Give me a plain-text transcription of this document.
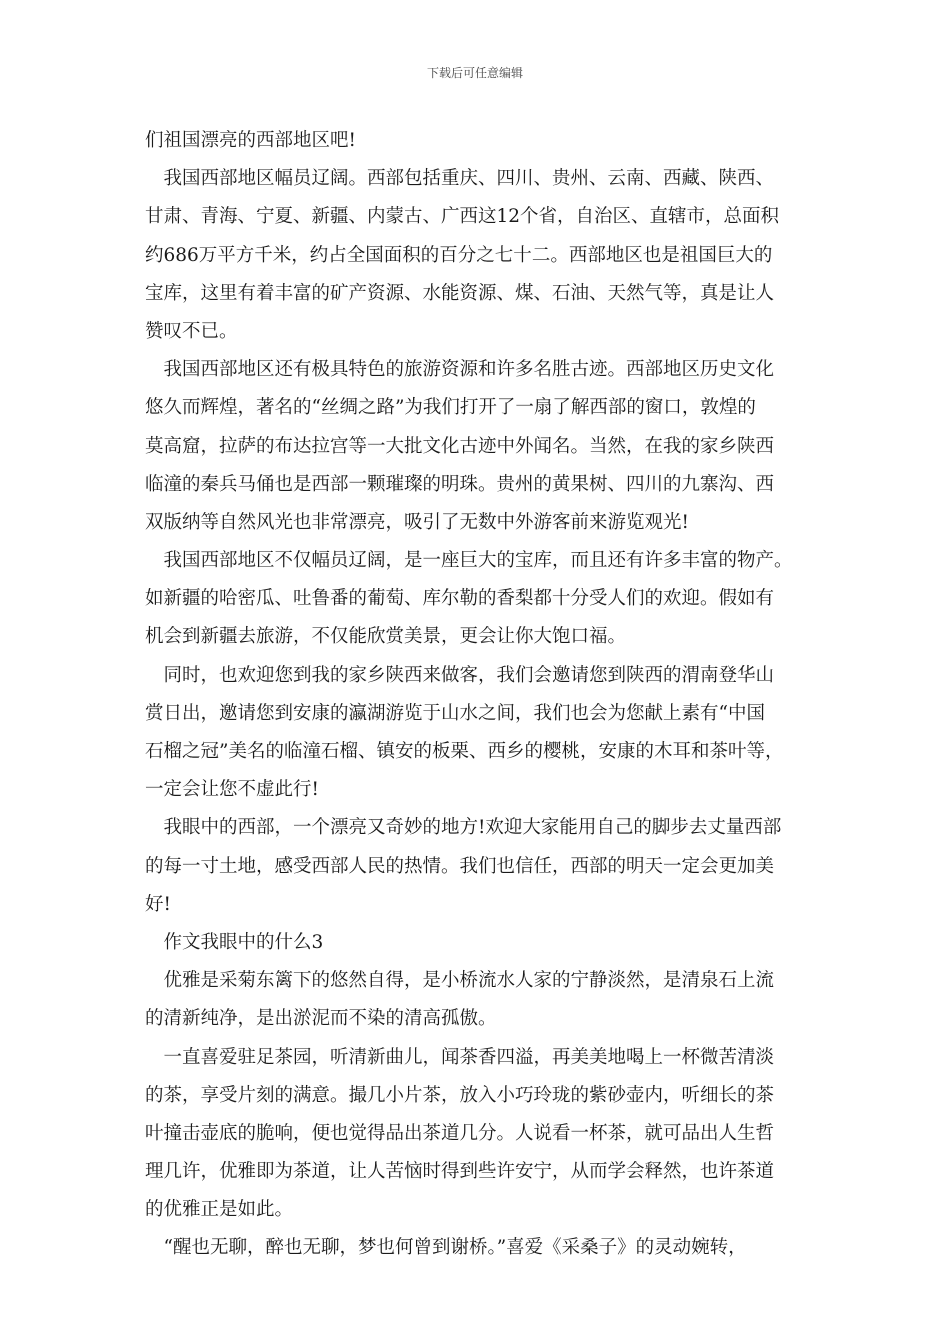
下载后可任意编辑
们祖国漂亮的西部地区吧!
　我国西部地区幅员辽阔。西部包括重庆、四川、贵州、云南、西藏、陕西、
甘肃、青海、宁夏、新疆、内蒙古、广西这12个省，自治区、直辖市，总面积
约686万平方千米，约占全国面积的百分之七十二。西部地区也是祖国巨大的
宝库，这里有着丰富的矿产资源、水能资源、煤、石油、天然气等，真是让人
赞叹不已。
　我国西部地区还有极具特色的旅游资源和许多名胜古迹。西部地区历史文化
悠久而辉煌，著名的“丝绸之路”为我们打开了一扇了解西部的窗口，敦煌的
莫高窟，拉萨的布达拉宫等一大批文化古迹中外闻名。当然，在我的家乡陕西
临潼的秦兵马俑也是西部一颗璀璨的明珠。贵州的黄果树、四川的九寨沟、西
双版纳等自然风光也非常漂亮，吸引了无数中外游客前来游览观光!
　我国西部地区不仅幅员辽阔，是一座巨大的宝库，而且还有许多丰富的物产。
如新疆的哈密瓜、吐鲁番的葡萄、库尔勒的香梨都十分受人们的欢迎。假如有
机会到新疆去旅游，不仅能欣赏美景，更会让你大饱口福。
　同时，也欢迎您到我的家乡陕西来做客，我们会邀请您到陕西的渭南登华山
赏日出，邀请您到安康的瀛湖游览于山水之间，我们也会为您献上素有“中国
石榴之冠”美名的临潼石榴、镇安的板栗、西乡的樱桃，安康的木耳和茶叶等，
一定会让您不虚此行!
　我眼中的西部，一个漂亮又奇妙的地方!欢迎大家能用自己的脚步去丈量西部
的每一寸土地，感受西部人民的热情。我们也信任，西部的明天一定会更加美
好!
　作文我眼中的什么3
　优雅是采菊东篱下的悠然自得，是小桥流水人家的宁静淡然，是清泉石上流
的清新纯净，是出淤泥而不染的清高孤傲。
　一直喜爱驻足茶园，听清新曲儿，闻茶香四溢，再美美地喝上一杯微苦清淡
的茶，享受片刻的满意。撮几小片茶，放入小巧玲珑的紫砂壶内，听细长的茶
叶撞击壶底的脆响，便也觉得品出茶道几分。人说看一杯茶，就可品出人生哲
理几许，优雅即为茶道，让人苦恼时得到些许安宁，从而学会释然，也许茶道
的优雅正是如此。
　“醒也无聊，醉也无聊，梦也何曾到谢桥。”喜爱《采桑子》的灵动婉转，
